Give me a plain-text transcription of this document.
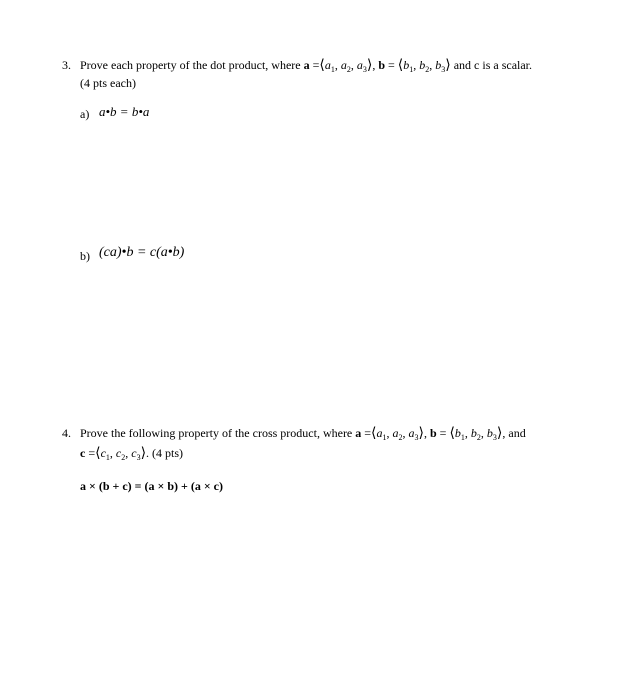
3. Prove each property of the dot product, where $a =⟨a_1$, $a_2$, $a_3⟩$, $b = ⟨b_1$, $b_2$, $b_3⟩$ and c is a scalar.
(4 pts each)
a) a•b = b•a
b) (ca)•b = c(a•b)
4. Prove the following property of the cross product, where $a =⟨a_1$, $a_2$, $a_3⟩$, $b = ⟨b_1$, $b_2$, $b_3⟩$, and
$c =⟨c_1$, $c_2$, $c_3⟩$. (4 pts)
a × (b + c) = (a × b) + (a × c)
